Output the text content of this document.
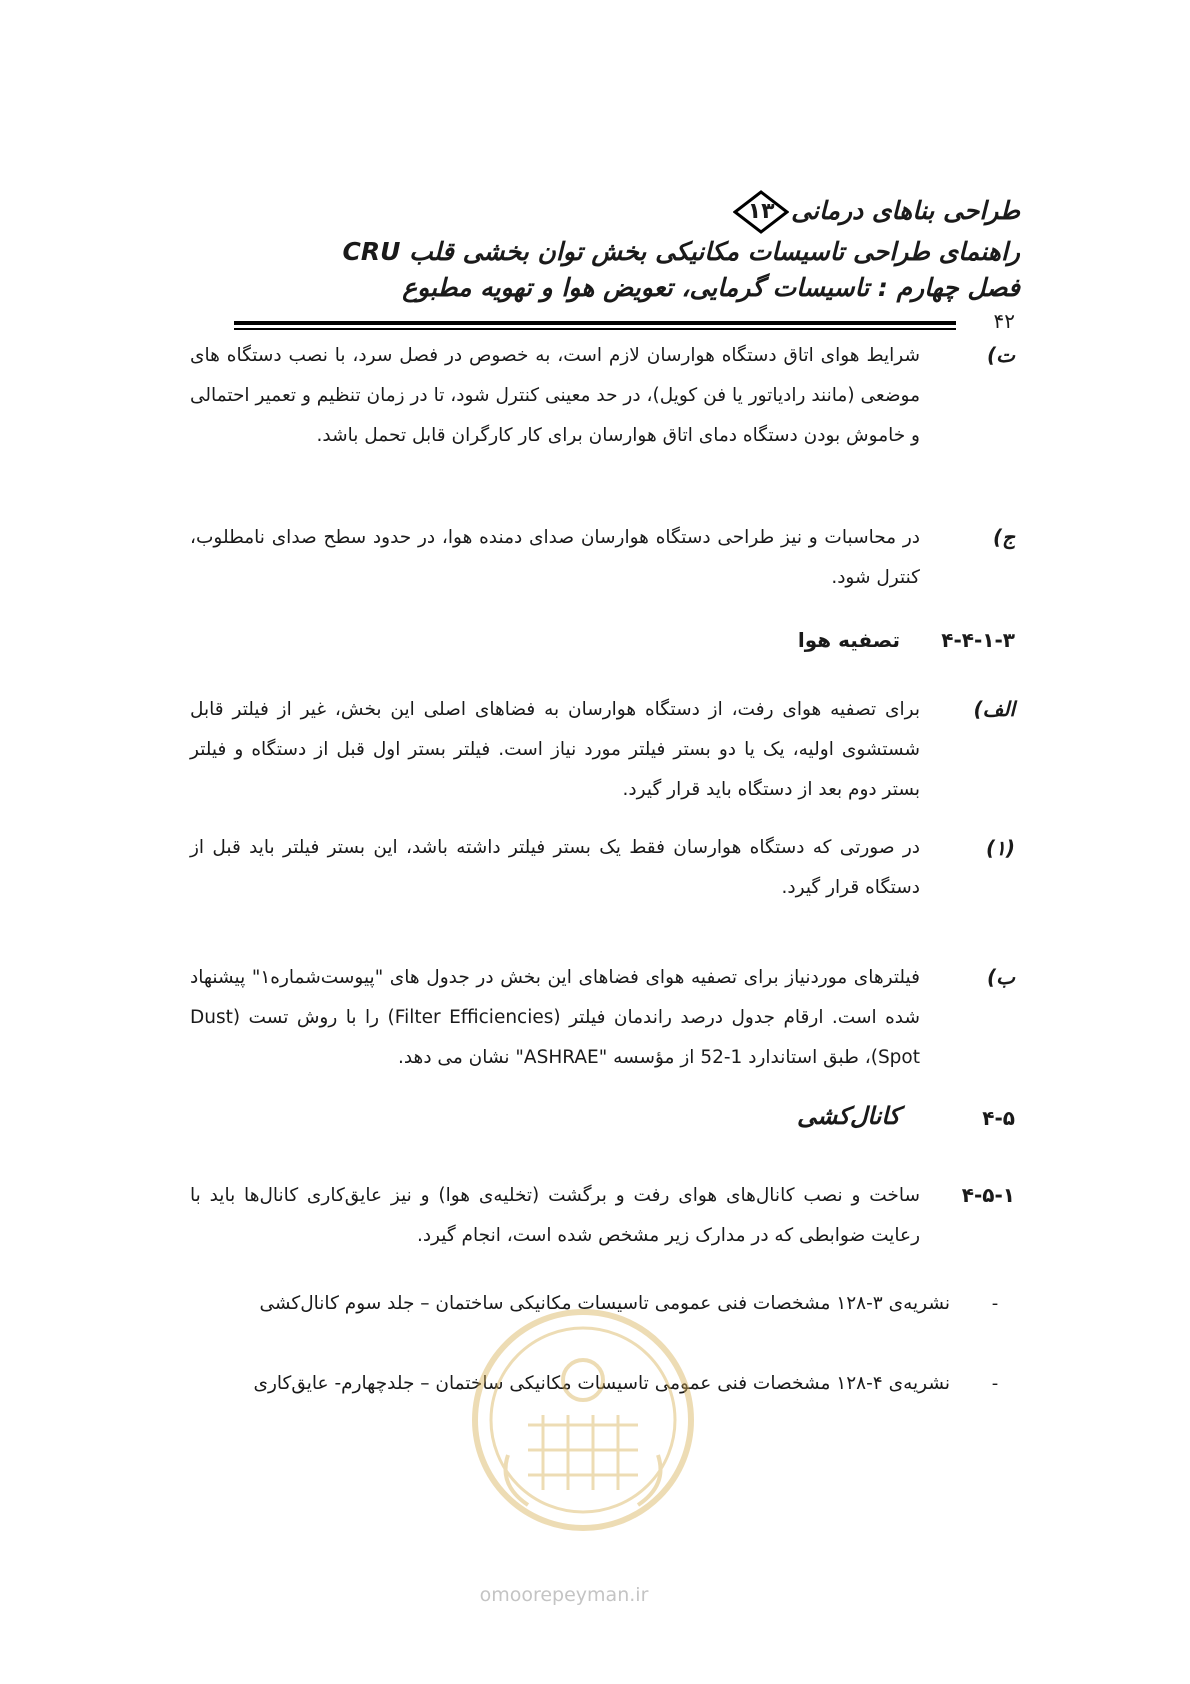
طراحی بناهای درمانی
۱۳
راهنمای طراحی تاسیسات مکانیکی بخش توان بخشی قلب CRU
فصل چهارم : تاسیسات گرمایی، تعویض هوا و تهویه مطبوع
۴۲
ت)
شرایط هوای اتاق دستگاه هوارسان لازم است، به خصوص در فصل سرد، با نصب دستگاه های موضعی (مانند رادیاتور یا فن کویل)، در حد معینی کنترل شود، تا در زمان تنظیم و تعمیر احتمالی و خاموش بودن دستگاه دمای اتاق هوارسان برای کار کارگران قابل تحمل باشد.
ج)
در محاسبات و نیز طراحی دستگاه هوارسان صدای دمنده هوا، در حدود سطح صدای نامطلوب، کنترل شود.
۴-۴-۱-۳
تصفیه هوا
الف)
برای تصفیه هوای رفت، از دستگاه هوارسان به فضاهای اصلی این بخش، غیر از فیلتر قابل شستشوی اولیه، یک یا دو بستر فیلتر مورد نیاز است. فیلتر بستر اول قبل از دستگاه و فیلتر بستر دوم بعد از دستگاه باید قرار گیرد.
(۱)
در صورتی که دستگاه هوارسان فقط یک بستر فیلتر داشته باشد، این بستر فیلتر باید قبل از دستگاه قرار گیرد.
ب)
فیلترهای موردنیاز برای تصفیه هوای فضاهای این بخش در جدول های "پیوست‌شماره۱" پیشنهاد شده است. ارقام جدول درصد راندمان فیلتر (Filter Efficiencies) را با روش تست (Dust Spot)، طبق استاندارد 1-52 از مؤسسه "ASHRAE" نشان می دهد.
۴-۵
کانال‌کشی
۴-۵-۱
ساخت و نصب کانال‌های هوای رفت و برگشت (تخلیه‌ی هوا) و نیز عایق‌کاری کانال‌ها باید با رعایت ضوابطی که در مدارک زیر مشخص شده است، انجام گیرد.
-
نشریه‌ی ۳-۱۲۸ مشخصات فنی عمومی تاسیسات مکانیکی ساختمان – جلد سوم کانال‌کشی
-
نشریه‌ی ۴-۱۲۸ مشخصات فنی عمومی تاسیسات مکانیکی ساختمان – جلدچهارم- عایق‌کاری
omoorepeyman.ir
